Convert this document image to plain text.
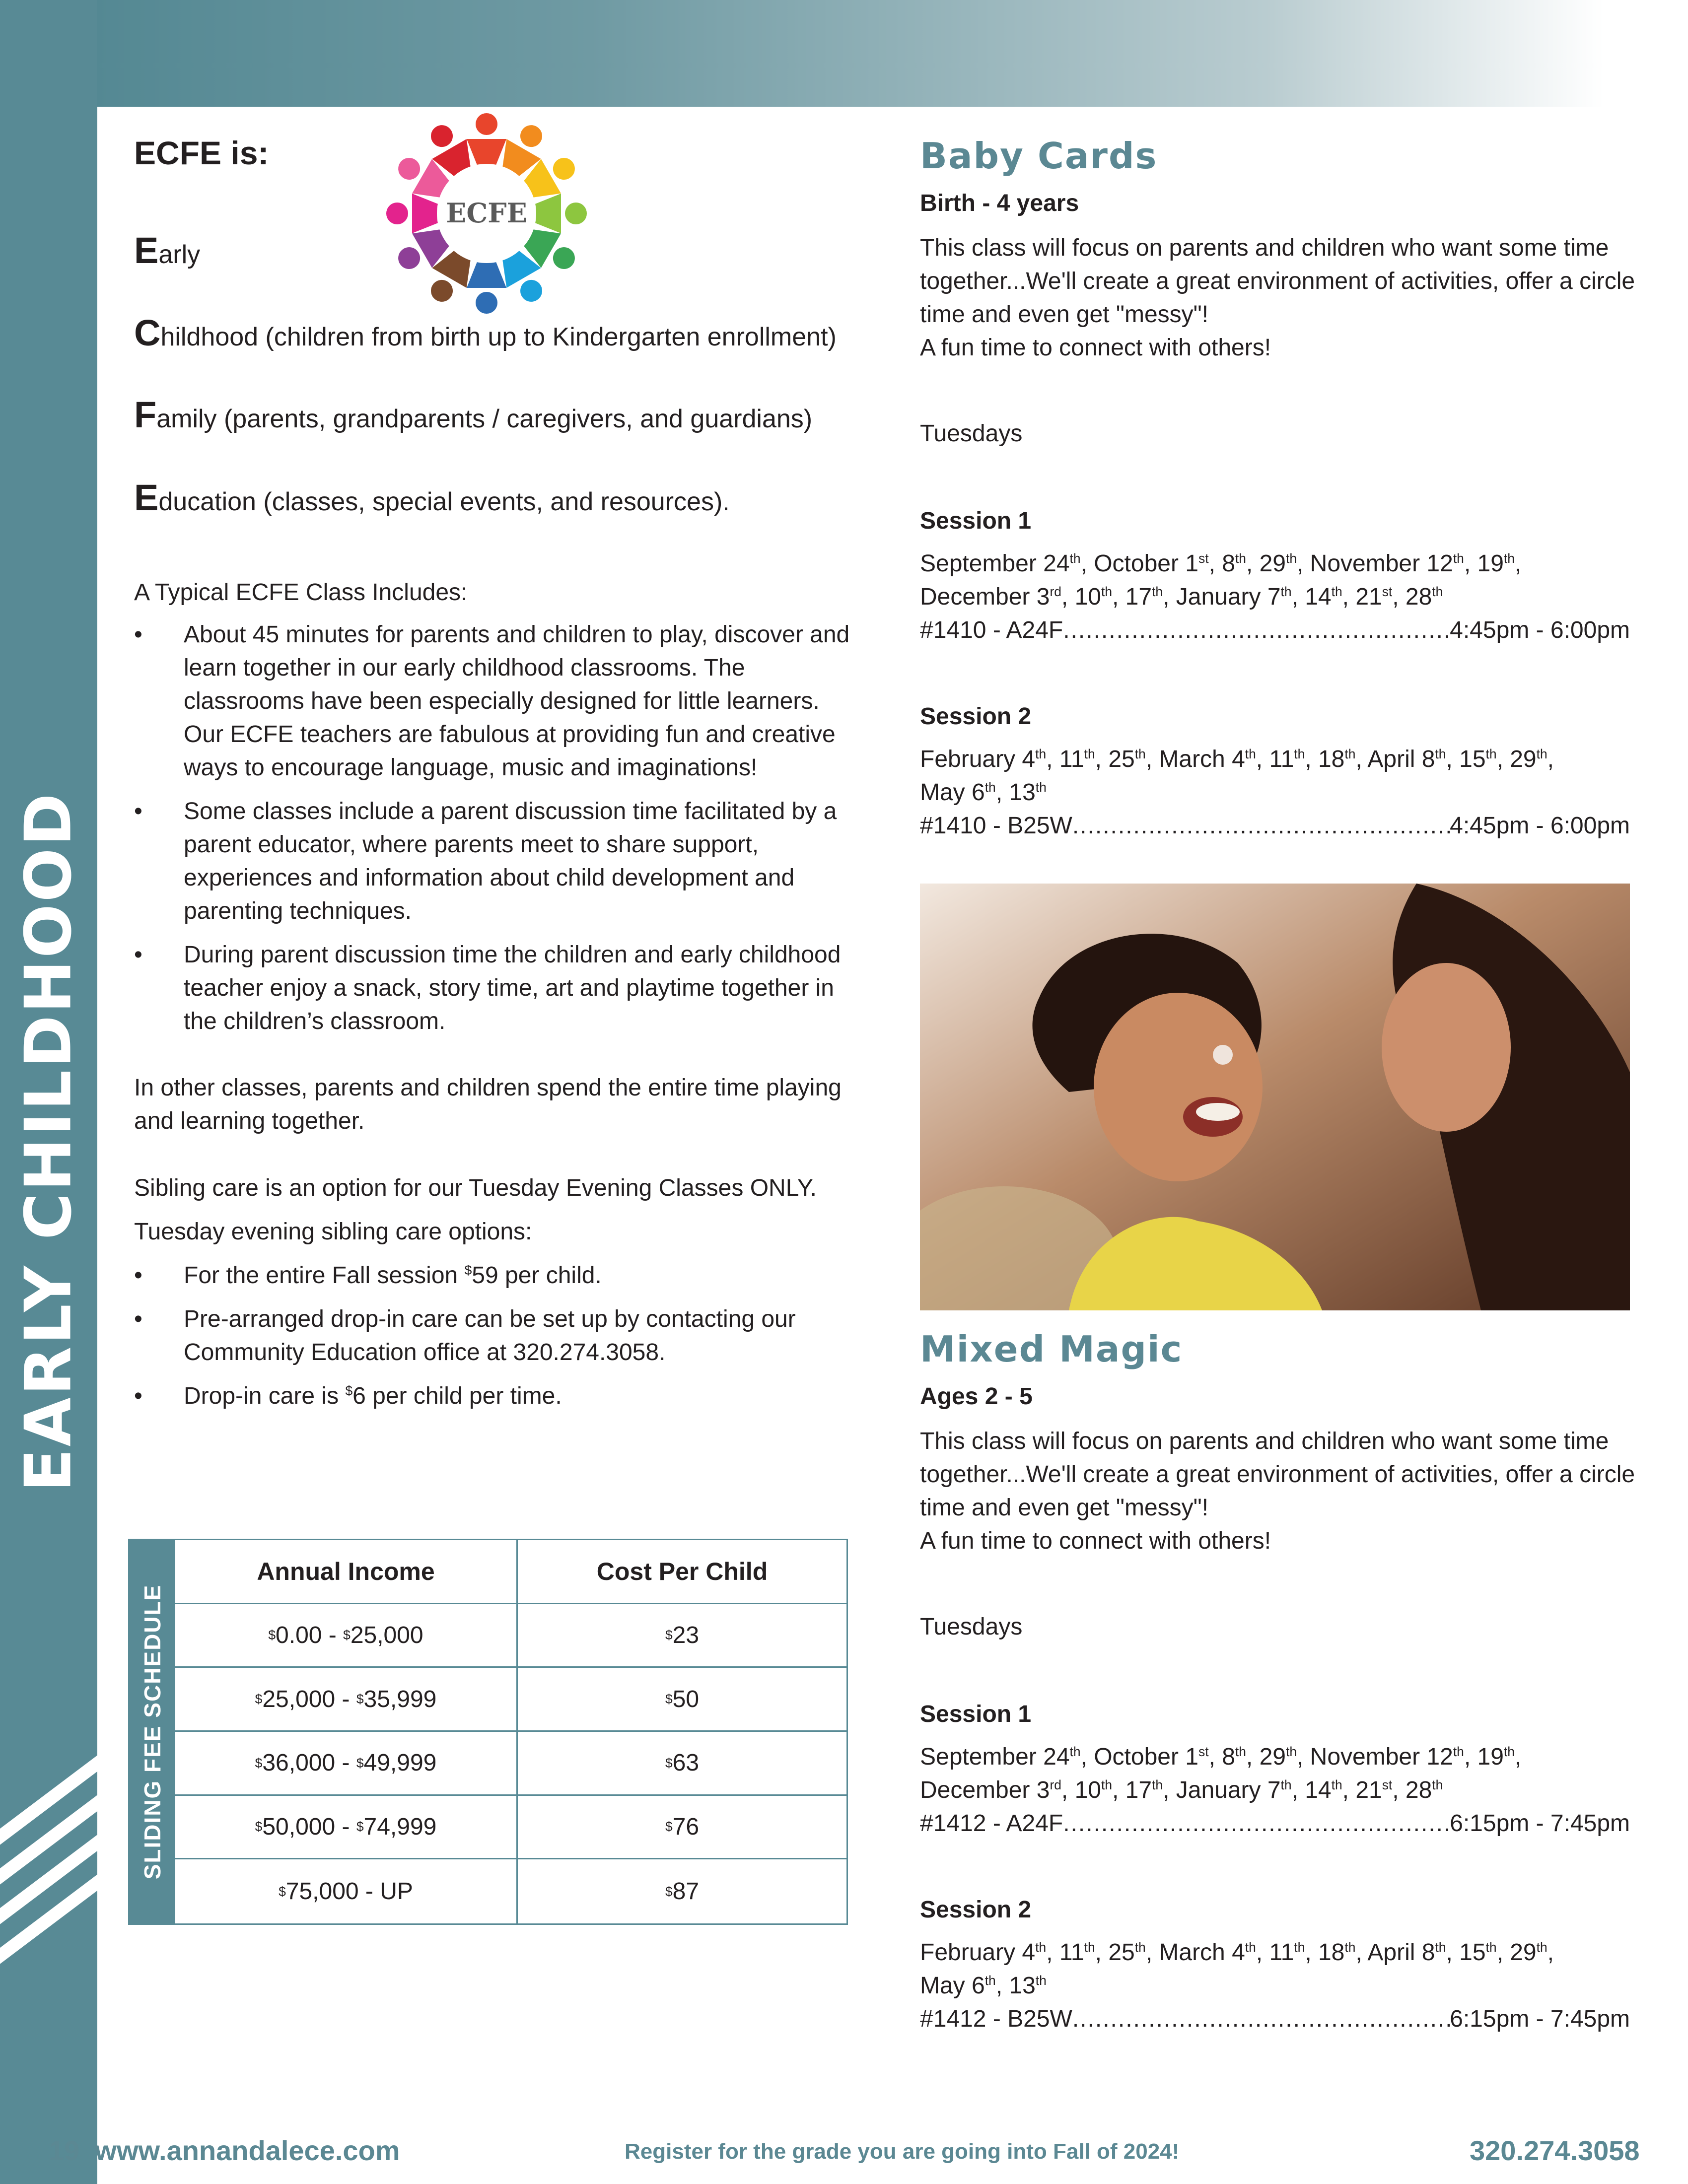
EARLY CHILDHOOD
ECFE is:
ECFE
Early
Childhood (children from birth up to Kindergarten enrollment)
Family (parents, grandparents / caregivers, and guardians)
Education (classes, special events, and resources).

A Typical ECFE Class Includes:

• About 45 minutes for parents and children to play, discover and learn together in our early childhood classrooms. The classrooms have been especially designed for little learners. Our ECFE teachers are fabulous at providing fun and creative ways to encourage language, music and imaginations!
• Some classes include a parent discussion time facilitated by a parent educator, where parents meet to share support, experiences and information about child development and parenting techniques.
• During parent discussion time the children and early childhood teacher enjoy a snack, story time, art and playtime together in the children’s classroom.

In other classes, parents and children spend the entire time playing and learning together.

Sibling care is an option for our Tuesday Evening Classes ONLY.

Tuesday evening sibling care options:

• For the entire Fall session $59 per child.
• Pre-arranged drop-in care can be set up by contacting our Community Education office at 320.274.3058.
• Drop-in care is $6 per child per time.
SLIDING FEE SCHEDULE
Annual Income	Cost Per Child
$ 0.00 - $ 25,000	$ 23
$ 25,000 - $ 35,999	$ 50
$ 36,000 - $ 49,999	$ 63
$ 50,000 - $ 74,999	$ 76
$ 75,000 - UP	$ 87
Baby Cards
Birth - 4 years

This class will focus on parents and children who want some time together...We'll create a great environment of activities, offer a circle time and even get "messy"!
A fun time to connect with others!

Tuesdays
Session 1
September 24th, October 1st, 8th, 29th, November 12th, 19th,
December 3rd, 10th, 17th, January 7th, 14th, 21st, 28th
#1410 - A24F .....	4:45pm - 6:00pm
Session 2
February 4th, 11th, 25th, March 4th, 11th, 18th, April 8th, 15th, 29th,
May 6th, 13th
#1410 - B25W .....	4:45pm - 6:00pm
Mixed Magic
Ages 2 - 5

This class will focus on parents and children who want some time together...We'll create a great environment of activities, offer a circle time and even get "messy"!
A fun time to connect with others!

Tuesdays
Session 1
September 24th, October 1st, 8th, 29th, November 12th, 19th,
December 3rd, 10th, 17th, January 7th, 14th, 21st, 28th
#1412 - A24F .....	6:15pm - 7:45pm
Session 2
February 4th, 11th, 25th, March 4th, 11th, 18th, April 8th, 15th, 29th,
May 6th, 13th
#1412 - B25W .....	6:15pm - 7:45pm
19 www.annandalece.com	Register for the grade you are going into Fall of 2024!	320.274.3058
